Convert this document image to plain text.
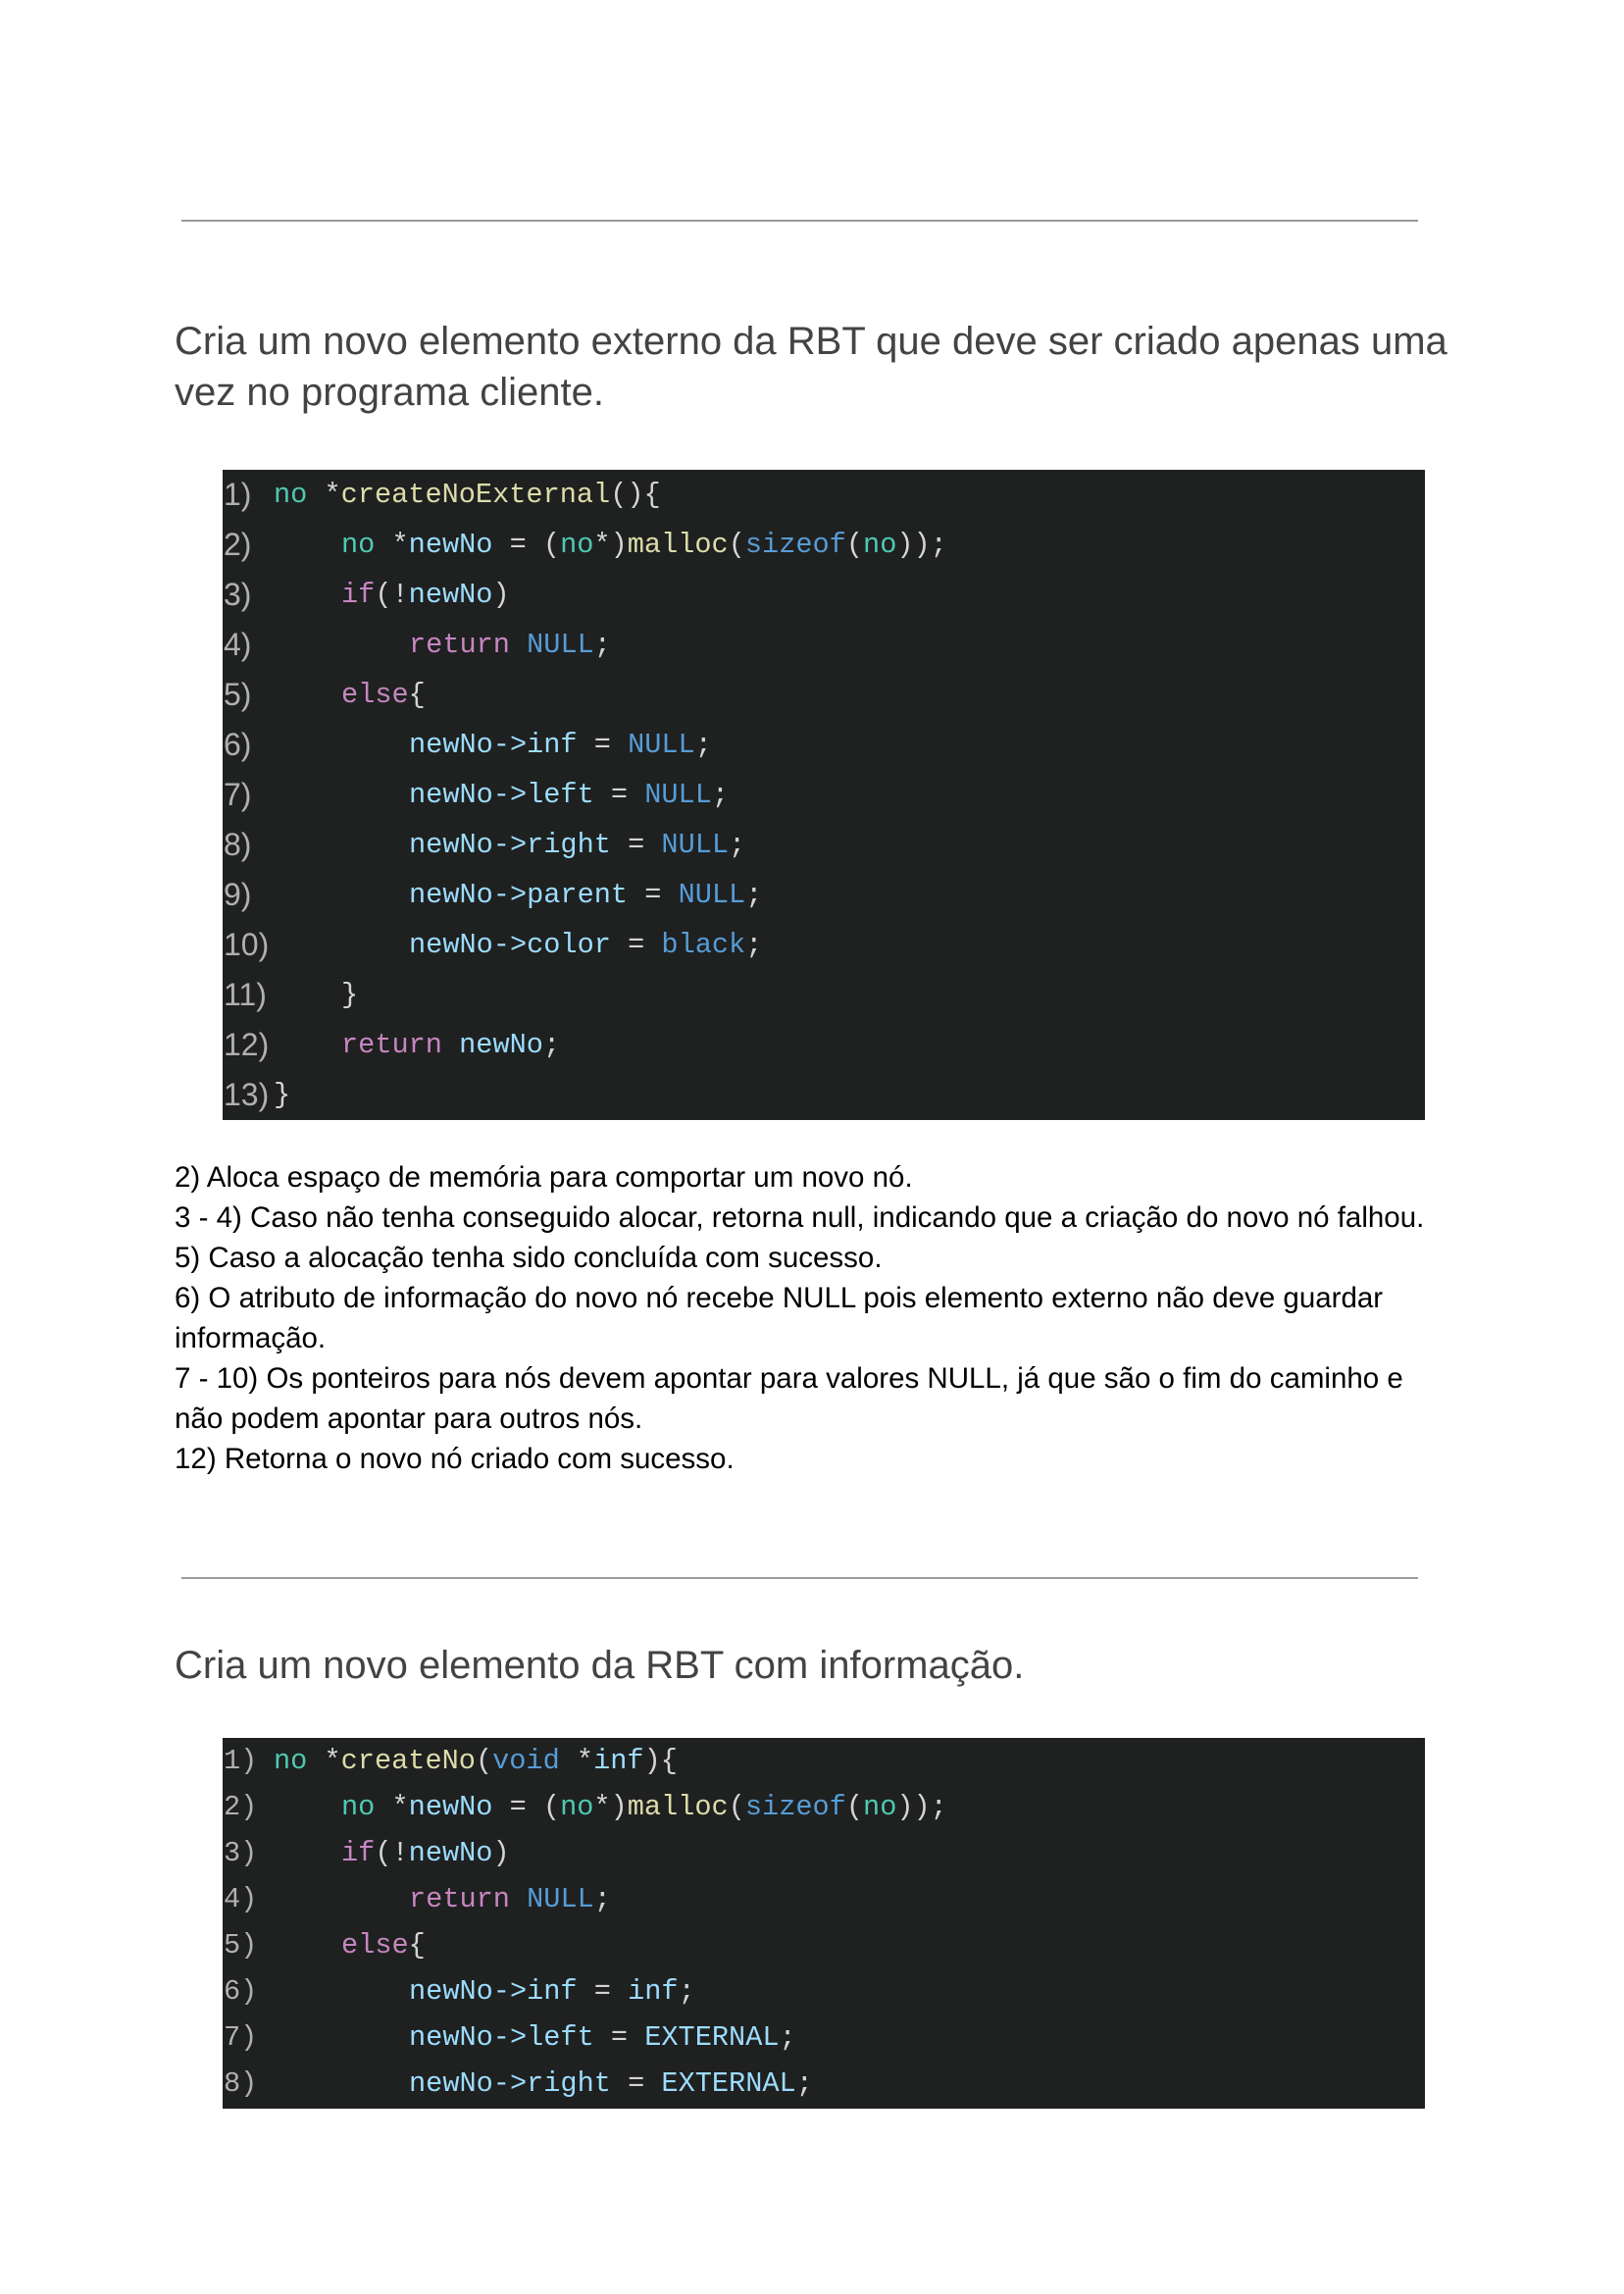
Cria um novo elemento externo da RBT que deve ser criado apenas uma vez no programa cliente.
1) no *createNoExternal(){
2)	no *newNo = (no*)malloc(sizeof(no));
3)	if(!newNo)
4)	return NULL;
5)	else{
6)	newNo->inf = NULL;
7)	newNo->left = NULL;
8)	newNo->right = NULL;
9)	newNo->parent = NULL;
10)	newNo->color = black;
11)	}
12)	return newNo;
13) }

2) Aloca espaço de memória para comportar um novo nó.

3 - 4) Caso não tenha conseguido alocar, retorna null, indicando que a criação do novo nó falhou.

5) Caso a alocação tenha sido concluída com sucesso.

6) O atributo de informação do novo nó recebe NULL pois elemento externo não deve guardar informação.

7 - 10) Os ponteiros para nós devem apontar para valores NULL, já que são o fim do caminho e não podem apontar para outros nós.

12) Retorna o novo nó criado com sucesso.

Cria um novo elemento da RBT com informação.
1) no *createNo(void *inf){
2)	no *newNo = (no*)malloc(sizeof(no));
3)	if(!newNo)
4)	return NULL;
5)	else{
6)	newNo->inf = inf;
7)	newNo->left = EXTERNAL;
8)	newNo->right = EXTERNAL;
